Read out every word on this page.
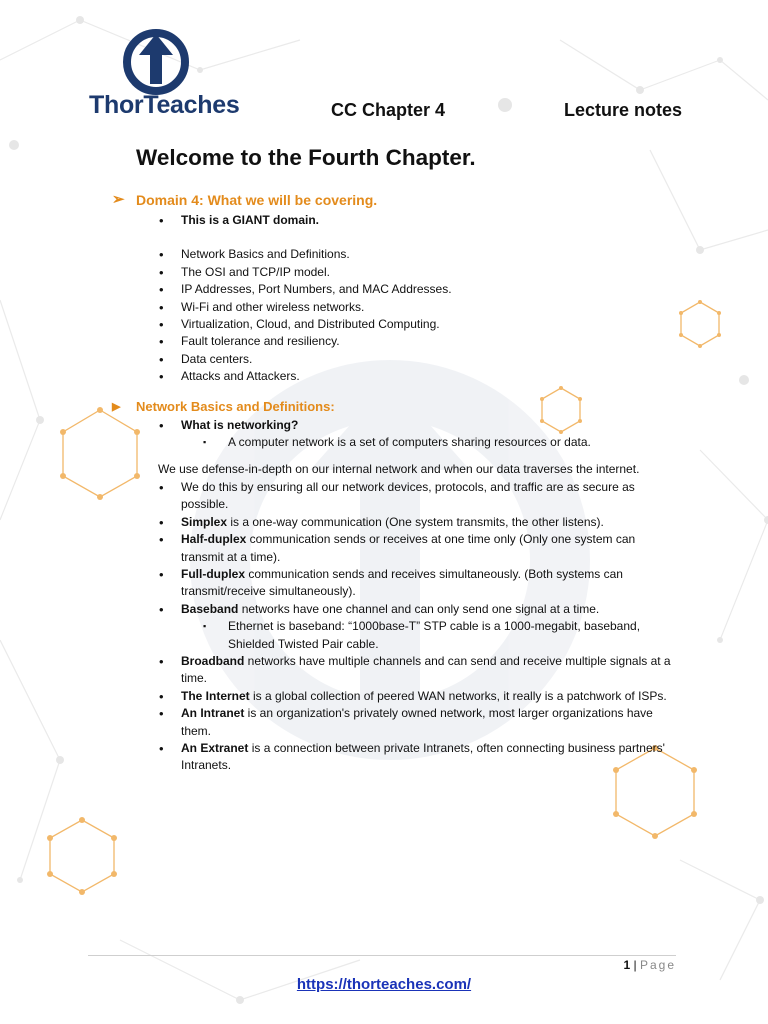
ThorTeaches	CC Chapter 4	Lecture notes
Welcome to the Fourth Chapter.
➢ Domain 4: What we will be covering.
• This is a GIANT domain.
• Network Basics and Definitions.
• The OSI and TCP/IP model.
• IP Addresses, Port Numbers, and MAC Addresses.
• Wi-Fi and other wireless networks.
• Virtualization, Cloud, and Distributed Computing.
• Fault tolerance and resiliency.
• Data centers.
• Attacks and Attackers.
▶ Network Basics and Definitions:
• What is networking?
▪ A computer network is a set of computers sharing resources or data.
We use defense-in-depth on our internal network and when our data traverses the internet.
• We do this by ensuring all our network devices, protocols, and traffic are as secure as possible.
• Simplex is a one-way communication (One system transmits, the other listens).
• Half-duplex communication sends or receives at one time only (Only one system can transmit at a time).
• Full-duplex communication sends and receives simultaneously. (Both systems can transmit/receive simultaneously).
• Baseband networks have one channel and can only send one signal at a time.
▪ Ethernet is baseband: “1000base-T” STP cable is a 1000-megabit, baseband, Shielded Twisted Pair cable.
• Broadband networks have multiple channels and can send and receive multiple signals at a time.
• The Internet is a global collection of peered WAN networks, it really is a patchwork of ISPs.
• An Intranet is an organization's privately owned network, most larger organizations have them.
• An Extranet is a connection between private Intranets, often connecting business partners' Intranets.
1 | Page
https://thorteaches.com/
